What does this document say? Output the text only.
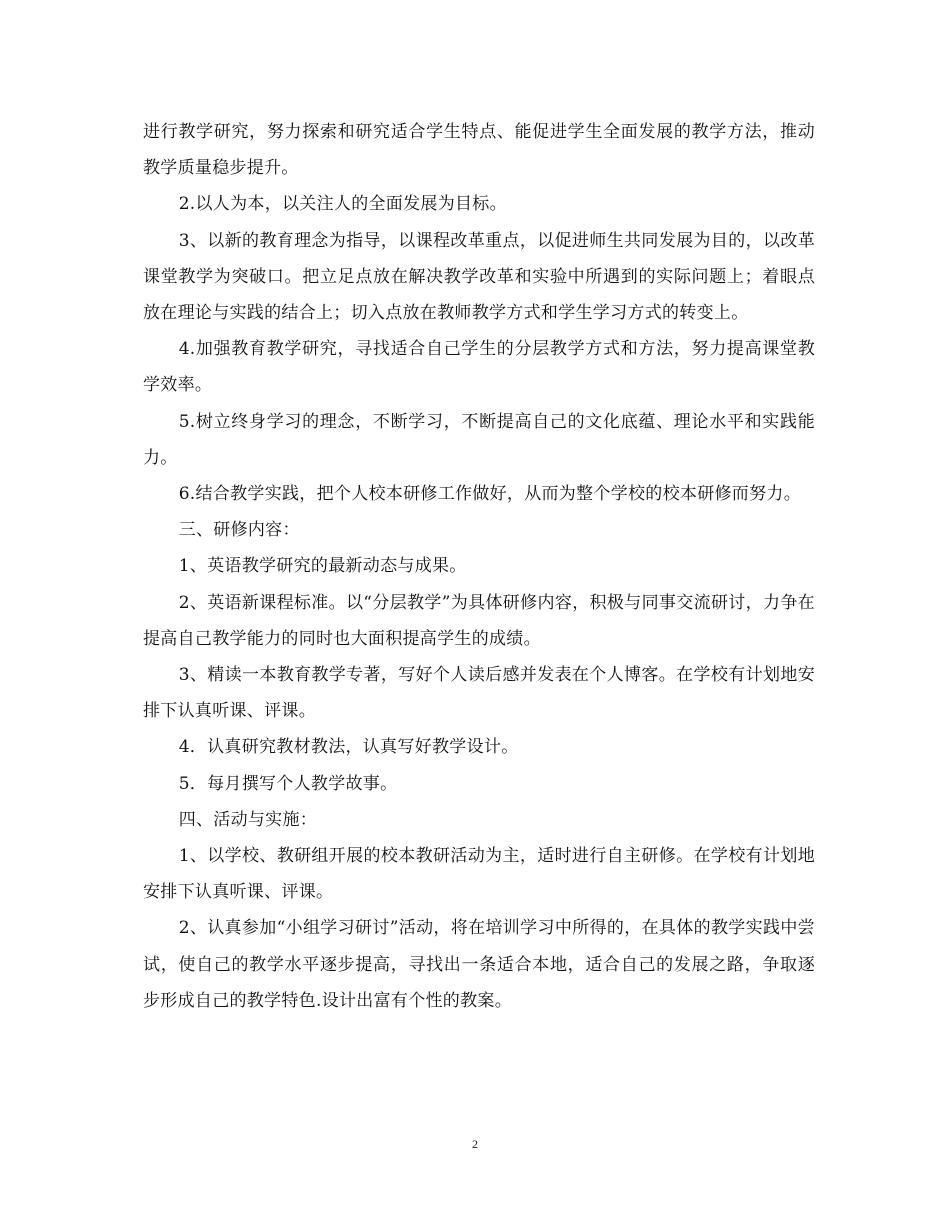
进行教学研究，努力探索和研究适合学生特点、能促进学生全面发展的教学方法，推动教学质量稳步提升。

2.以人为本，以关注人的全面发展为目标。

3、以新的教育理念为指导，以课程改革重点，以促进师生共同发展为目的，以改革课堂教学为突破口。把立足点放在解决教学改革和实验中所遇到的实际问题上；着眼点放在理论与实践的结合上；切入点放在教师教学方式和学生学习方式的转变上。

4.加强教育教学研究，寻找适合自己学生的分层教学方式和方法，努力提高课堂教学效率。

5.树立终身学习的理念，不断学习，不断提高自己的文化底蕴、理论水平和实践能力。

6.结合教学实践，把个人校本研修工作做好，从而为整个学校的校本研修而努力。

三、研修内容：

1、英语教学研究的最新动态与成果。

2、英语新课程标准。以“分层教学”为具体研修内容，积极与同事交流研讨，力争在提高自己教学能力的同时也大面积提高学生的成绩。

3、精读一本教育教学专著，写好个人读后感并发表在个人博客。在学校有计划地安排下认真听课、评课。

4．认真研究教材教法，认真写好教学设计。

5．每月撰写个人教学故事。

四、活动与实施：

1、以学校、教研组开展的校本教研活动为主，适时进行自主研修。在学校有计划地安排下认真听课、评课。

2、认真参加“小组学习研讨”活动，将在培训学习中所得的，在具体的教学实践中尝试，使自己的教学水平逐步提高，寻找出一条适合本地，适合自己的发展之路，争取逐步形成自己的教学特色.设计出富有个性的教案。

2
